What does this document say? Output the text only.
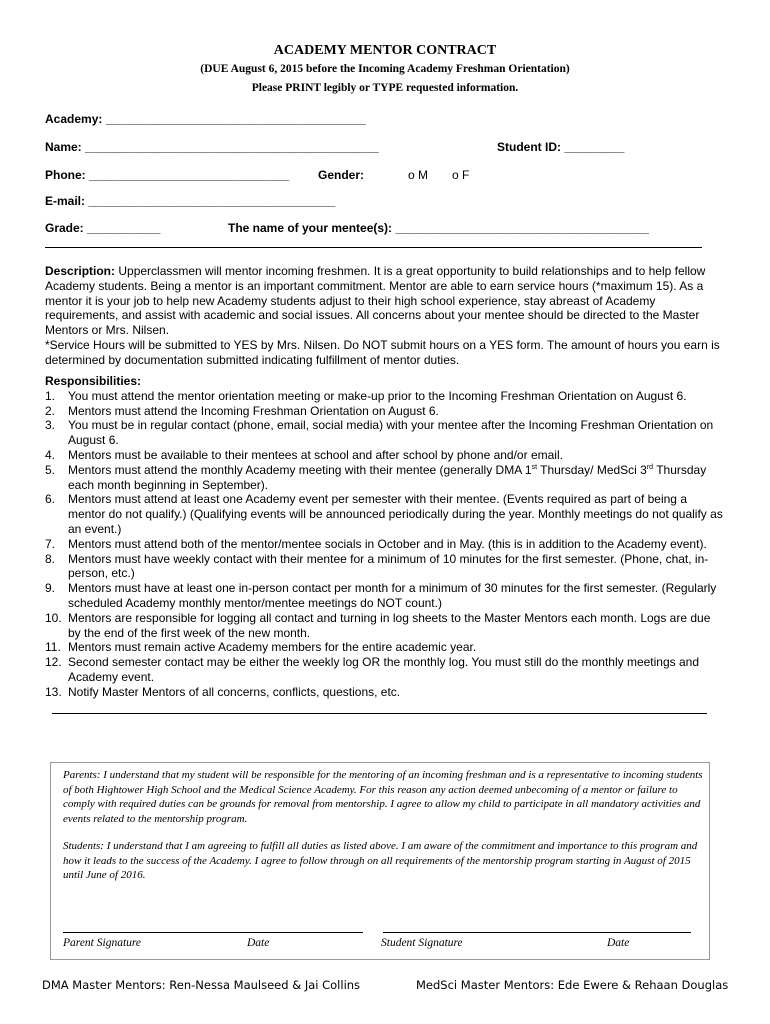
ACADEMY MENTOR CONTRACT
(DUE August 6, 2015 before the Incoming Academy Freshman Orientation)
Please PRINT legibly or TYPE requested information.
Academy: _______________________________________
Name: ____________________________________________	Student ID: _________
Phone: ______________________________ Gender:	o M o F
E-mail: _____________________________________
Grade: ___________	The name of your mentee(s): ______________________________________
Description: Upperclassmen will mentor incoming freshmen. It is a great opportunity to build relationships and to help fellow Academy students. Being a mentor is an important commitment. Mentor are able to earn service hours (*maximum 15). As a mentor it is your job to help new Academy students adjust to their high school experience, stay abreast of Academy requirements, and assist with academic and social issues. All concerns about your mentee should be directed to the Master Mentors or Mrs. Nilsen.
*Service Hours will be submitted to YES by Mrs. Nilsen. Do NOT submit hours on a YES form. The amount of hours you earn is determined by documentation submitted indicating fulfillment of mentor duties.
Responsibilities:
1. You must attend the mentor orientation meeting or make-up prior to the Incoming Freshman Orientation on August 6.
2. Mentors must attend the Incoming Freshman Orientation on August 6.
3. You must be in regular contact (phone, email, social media) with your mentee after the Incoming Freshman Orientation on August 6.
4. Mentors must be available to their mentees at school and after school by phone and/or email.
5. Mentors must attend the monthly Academy meeting with their mentee (generally DMA 1st Thursday/ MedSci 3rd Thursday each month beginning in September).
6. Mentors must attend at least one Academy event per semester with their mentee. (Events required as part of being a mentor do not qualify.) (Qualifying events will be announced periodically during the year. Monthly meetings do not qualify as an event.)
7. Mentors must attend both of the mentor/mentee socials in October and in May. (this is in addition to the Academy event).
8. Mentors must have weekly contact with their mentee for a minimum of 10 minutes for the first semester. (Phone, chat, in-person, etc.)
9. Mentors must have at least one in-person contact per month for a minimum of 30 minutes for the first semester. (Regularly scheduled Academy monthly mentor/mentee meetings do NOT count.)
10. Mentors are responsible for logging all contact and turning in log sheets to the Master Mentors each month. Logs are due by the end of the first week of the new month.
11. Mentors must remain active Academy members for the entire academic year.
12. Second semester contact may be either the weekly log OR the monthly log. You must still do the monthly meetings and Academy event.
13. Notify Master Mentors of all concerns, conflicts, questions, etc.
Parents: I understand that my student will be responsible for the mentoring of an incoming freshman and is a representative to incoming students of both Hightower High School and the Medical Science Academy. For this reason any action deemed unbecoming of a mentor or failure to comply with required duties can be grounds for removal from mentorship. I agree to allow my child to participate in all mandatory activities and events related to the mentorship program.
Students: I understand that I am agreeing to fulfill all duties as listed above. I am aware of the commitment and importance to this program and how it leads to the success of the Academy. I agree to follow through on all requirements of the mentorship program starting in August of 2015 until June of 2016.
Parent Signature	Date	Student Signature	Date
DMA Master Mentors: Ren-Nessa Maulseed & Jai Collins	MedSci Master Mentors: Ede Ewere & Rehaan Douglas
